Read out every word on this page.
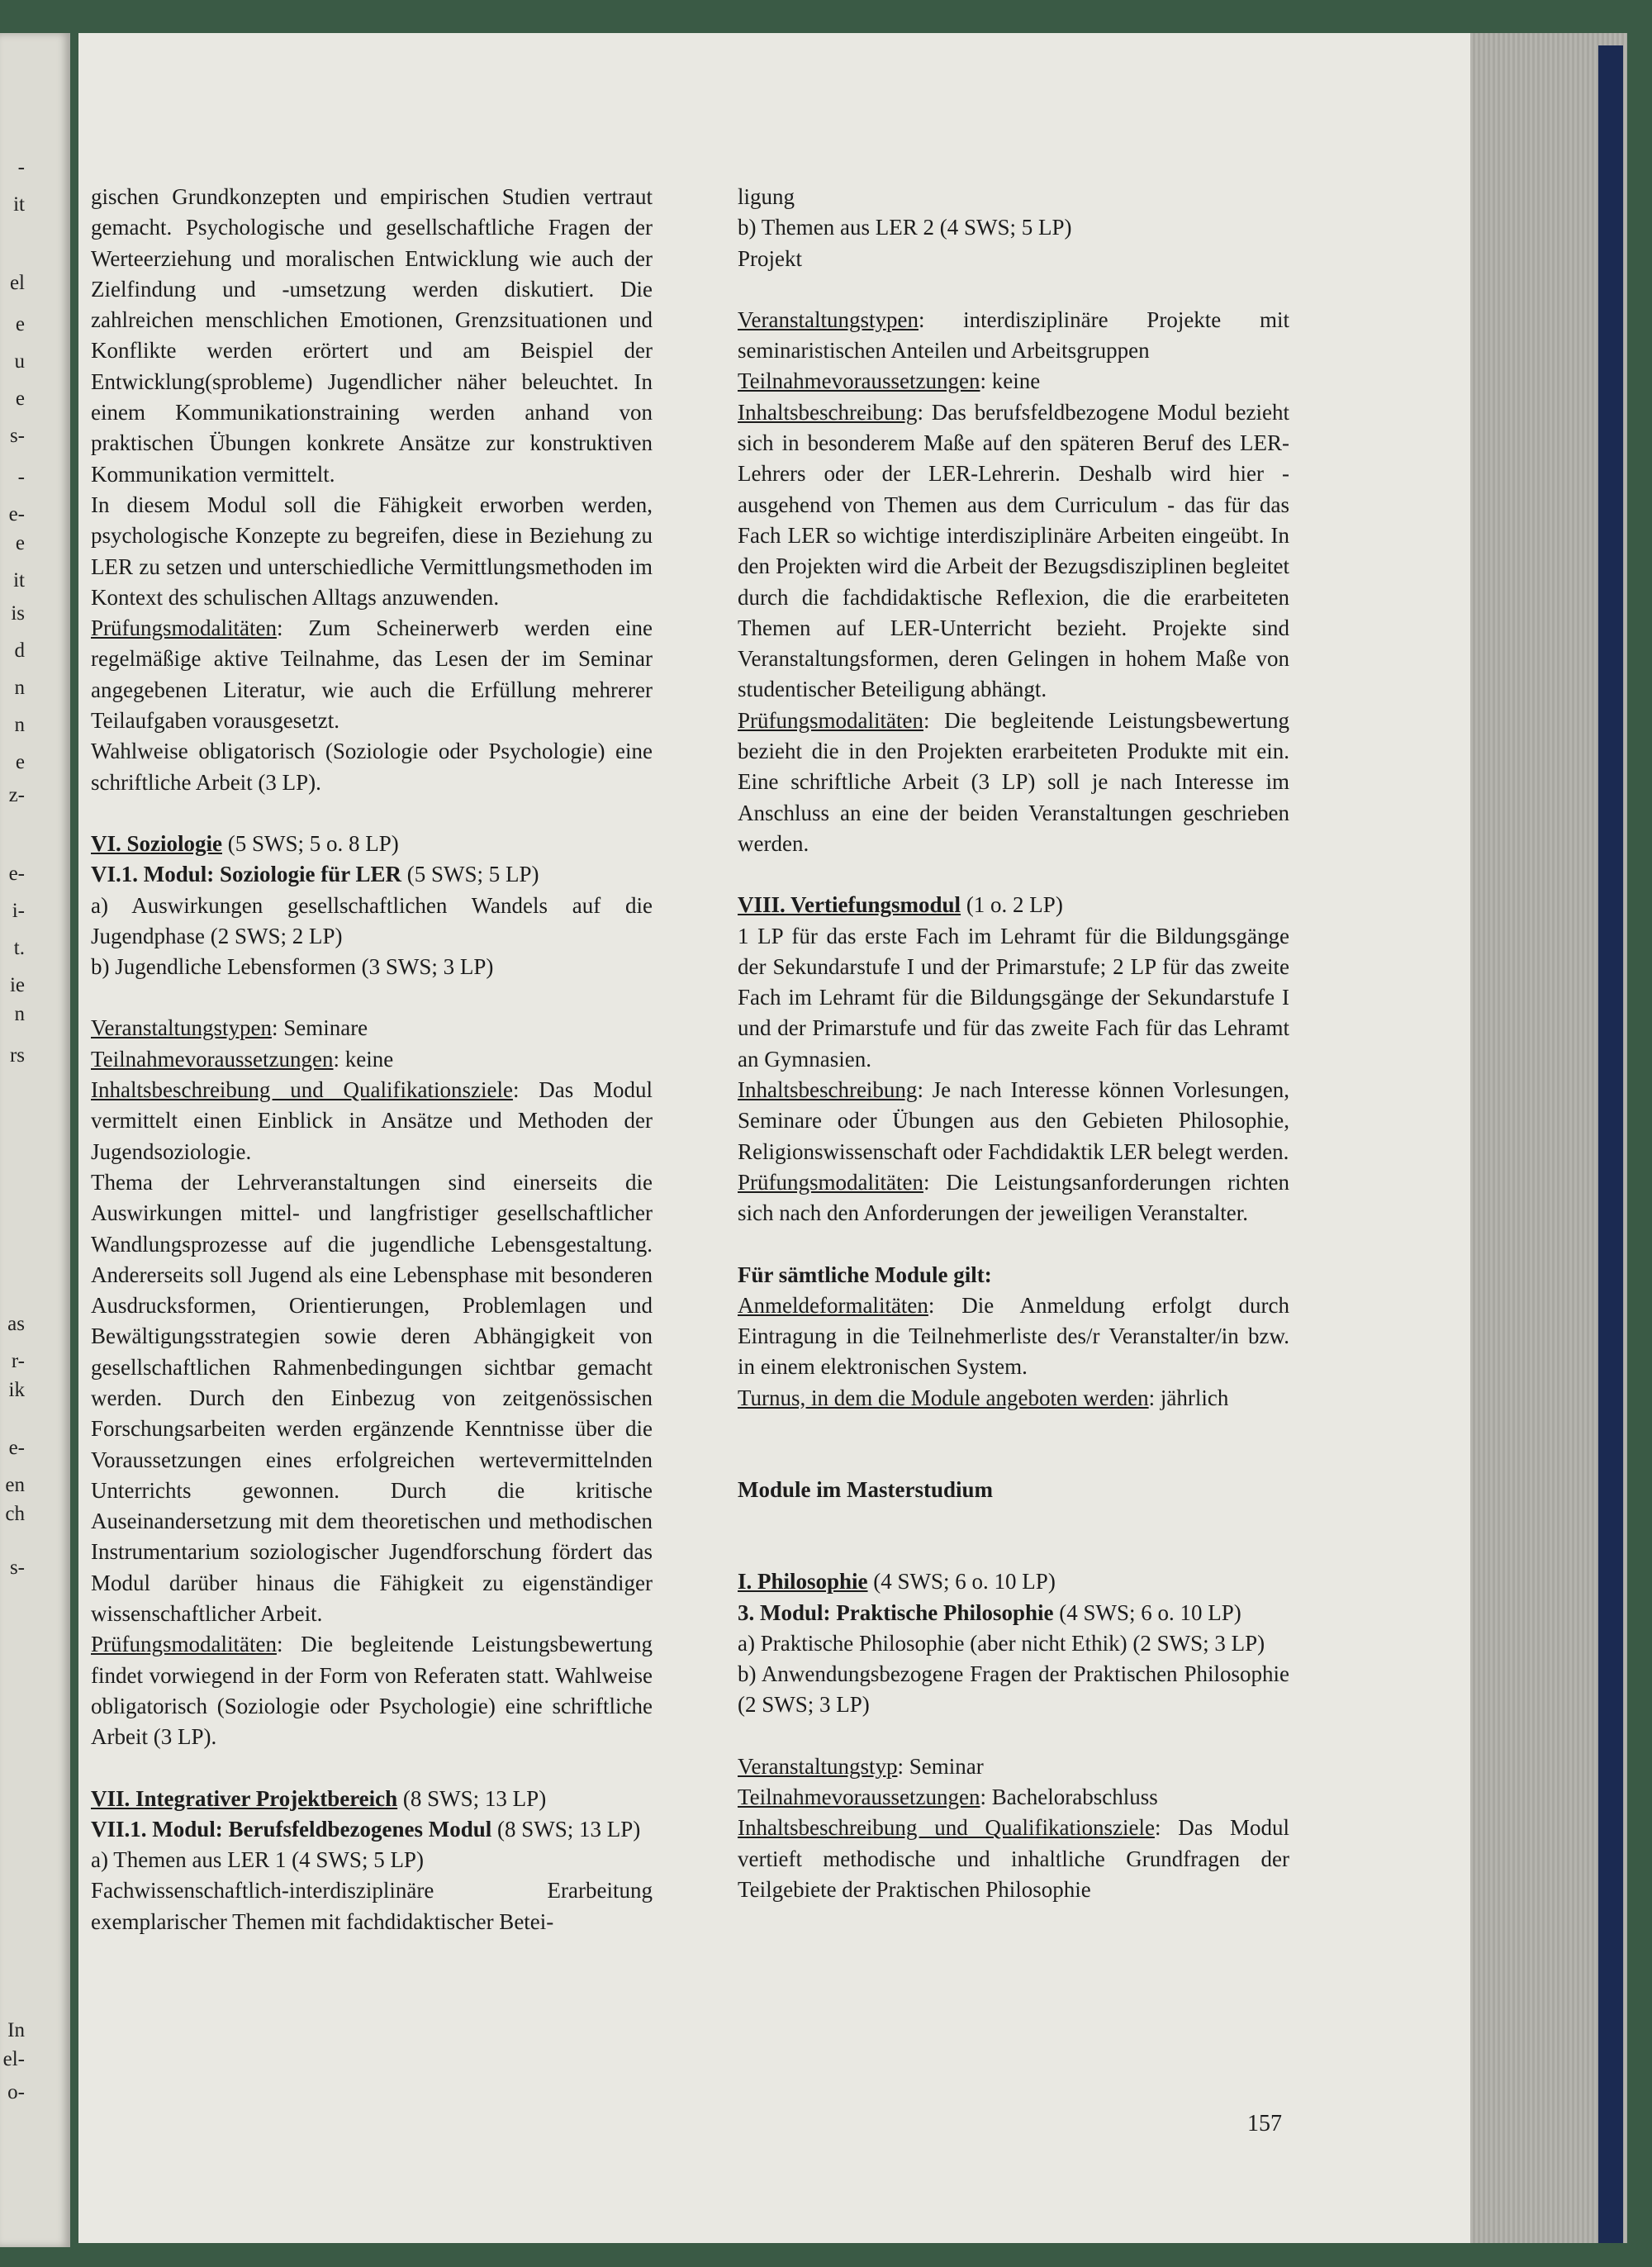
-
it
el
e
u
e
s-
-
e-
e
it
is
d
n
n
e
z-
e-
i-
t.
ie
n
rs
as
r-
ik
e-
en
ch
s-
In
el-
o-

gischen Grundkonzepten und empirischen Studien vertraut gemacht. Psychologische und gesellschaftliche Fragen der Werteerziehung und moralischen Entwicklung wie auch der Zielfindung und -umsetzung werden diskutiert. Die zahlreichen menschlichen Emotionen, Grenzsituationen und Konflikte werden erörtert und am Beispiel der Entwicklung(sprobleme) Jugendlicher näher beleuchtet. In einem Kommunikationstraining werden anhand von praktischen Übungen konkrete Ansätze zur konstruktiven Kommunikation vermittelt.

In diesem Modul soll die Fähigkeit erworben werden, psychologische Konzepte zu begreifen, diese in Beziehung zu LER zu setzen und unterschiedliche Vermittlungsmethoden im Kontext des schulischen Alltags anzuwenden.

Prüfungsmodalitäten: Zum Scheinerwerb werden eine regelmäßige aktive Teilnahme, das Lesen der im Seminar angegebenen Literatur, wie auch die Erfüllung mehrerer Teilaufgaben vorausgesetzt.

Wahlweise obligatorisch (Soziologie oder Psychologie) eine schriftliche Arbeit (3 LP).

VI. Soziologie (5 SWS; 5 o. 8 LP)

VI.1. Modul: Soziologie für LER (5 SWS; 5 LP)

a) Auswirkungen gesellschaftlichen Wandels auf die Jugendphase (2 SWS; 2 LP)

b) Jugendliche Lebensformen (3 SWS; 3 LP)

Veranstaltungstypen: Seminare

Teilnahmevoraussetzungen: keine

Inhaltsbeschreibung und Qualifikationsziele: Das Modul vermittelt einen Einblick in Ansätze und Methoden der Jugendsoziologie.

Thema der Lehrveranstaltungen sind einerseits die Auswirkungen mittel- und langfristiger gesellschaftlicher Wandlungsprozesse auf die jugendliche Lebensgestaltung. Andererseits soll Jugend als eine Lebensphase mit besonderen Ausdrucksformen, Orientierungen, Problemlagen und Bewältigungsstrategien sowie deren Abhängigkeit von gesellschaftlichen Rahmenbedingungen sichtbar gemacht werden. Durch den Einbezug von zeitgenössischen Forschungsarbeiten werden ergänzende Kenntnisse über die Voraussetzungen eines erfolgreichen wertevermittelnden Unterrichts gewonnen. Durch die kritische Auseinandersetzung mit dem theoretischen und methodischen Instrumentarium soziologischer Jugendforschung fördert das Modul darüber hinaus die Fähigkeit zu eigenständiger wissenschaftlicher Arbeit.

Prüfungsmodalitäten: Die begleitende Leistungsbewertung findet vorwiegend in der Form von Referaten statt. Wahlweise obligatorisch (Soziologie oder Psychologie) eine schriftliche Arbeit (3 LP).

VII. Integrativer Projektbereich (8 SWS; 13 LP)

VII.1. Modul: Berufsfeldbezogenes Modul (8 SWS; 13 LP)

a) Themen aus LER 1 (4 SWS; 5 LP)

Fachwissenschaftlich-interdisziplinäre Erarbeitung exemplarischer Themen mit fachdidaktischer Betei-

ligung

b) Themen aus LER 2 (4 SWS; 5 LP)

Projekt

Veranstaltungstypen: interdisziplinäre Projekte mit seminaristischen Anteilen und Arbeitsgruppen

Teilnahmevoraussetzungen: keine

Inhaltsbeschreibung: Das berufsfeldbezogene Modul bezieht sich in besonderem Maße auf den späteren Beruf des LER-Lehrers oder der LER-Lehrerin. Deshalb wird hier - ausgehend von Themen aus dem Curriculum - das für das Fach LER so wichtige interdisziplinäre Arbeiten eingeübt. In den Projekten wird die Arbeit der Bezugsdisziplinen begleitet durch die fachdidaktische Reflexion, die die erarbeiteten Themen auf LER-Unterricht bezieht. Projekte sind Veranstaltungsformen, deren Gelingen in hohem Maße von studentischer Beteiligung abhängt.

Prüfungsmodalitäten: Die begleitende Leistungsbewertung bezieht die in den Projekten erarbeiteten Produkte mit ein. Eine schriftliche Arbeit (3 LP) soll je nach Interesse im Anschluss an eine der beiden Veranstaltungen geschrieben werden.

VIII. Vertiefungsmodul (1 o. 2 LP)

1 LP für das erste Fach im Lehramt für die Bildungsgänge der Sekundarstufe I und der Primarstufe; 2 LP für das zweite Fach im Lehramt für die Bildungsgänge der Sekundarstufe I und der Primarstufe und für das zweite Fach für das Lehramt an Gymnasien.

Inhaltsbeschreibung: Je nach Interesse können Vorlesungen, Seminare oder Übungen aus den Gebieten Philosophie, Religionswissenschaft oder Fachdidaktik LER belegt werden.

Prüfungsmodalitäten: Die Leistungsanforderungen richten sich nach den Anforderungen der jeweiligen Veranstalter.

Für sämtliche Module gilt:

Anmeldeformalitäten: Die Anmeldung erfolgt durch Eintragung in die Teilnehmerliste des/r Veranstalter/in bzw. in einem elektronischen System.

Turnus, in dem die Module angeboten werden: jährlich

Module im Masterstudium

I. Philosophie (4 SWS; 6 o. 10 LP)

3. Modul: Praktische Philosophie (4 SWS; 6 o. 10 LP)

a) Praktische Philosophie (aber nicht Ethik) (2 SWS; 3 LP)

b) Anwendungsbezogene Fragen der Praktischen Philosophie (2 SWS; 3 LP)

Veranstaltungstyp: Seminar

Teilnahmevoraussetzungen: Bachelorabschluss

Inhaltsbeschreibung und Qualifikationsziele: Das Modul vertieft methodische und inhaltliche Grundfragen der Teilgebiete der Praktischen Philosophie

157
